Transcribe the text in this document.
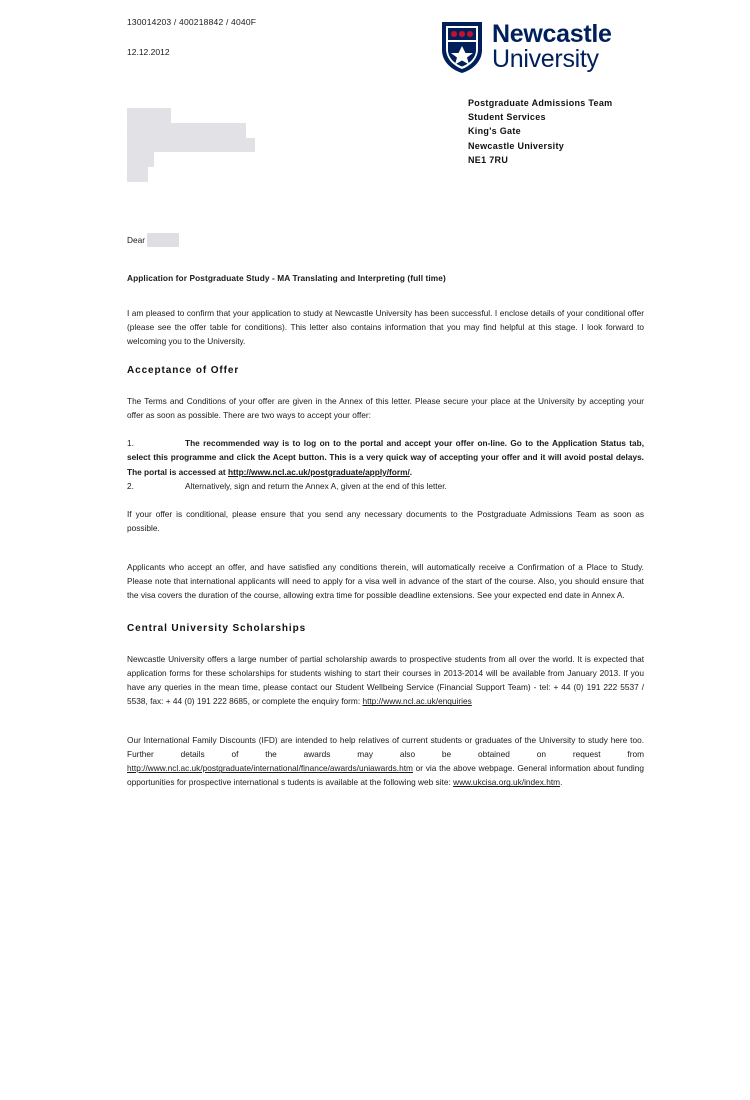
130014203 / 400218842 / 4040F
12.12.2012
Newcastle
University
Postgraduate Admissions Team
Student Services
King's Gate
Newcastle University
NE1 7RU

Dear

Application for Postgraduate Study - MA Translating and Interpreting (full time)

I am pleased to confirm that your application to study at Newcastle University has been successful. I enclose details of your conditional offer (please see the offer table for conditions). This letter also contains information that you may find helpful at this stage. I look forward to welcoming you to the University.

Acceptance of Offer

The Terms and Conditions of your offer are given in the Annex of this letter. Please secure your place at the University by accepting your offer as soon as possible. There are two ways to accept your offer:

1.	The recommended way is to log on to the portal and accept your offer on-line. Go to the Application Status tab, select this programme and click the Acept button. This is a very quick way of accepting your offer and it will avoid postal delays. The portal is accessed at http://www.ncl.ac.uk/postgraduate/apply/form/.

2.	Alternatively, sign and return the Annex A, given at the end of this letter.

If your offer is conditional, please ensure that you send any necessary documents to the Postgraduate Admissions Team as soon as possible.

Applicants who accept an offer, and have satisfied any conditions therein, will automatically receive a Confirmation of a Place to Study. Please note that international applicants will need to apply for a visa well in advance of the start of the course. Also, you should ensure that the visa covers the duration of the course, allowing extra time for possible deadline extensions. See your expected end date in Annex A.

Central University Scholarships

Newcastle University offers a large number of partial scholarship awards to prospective students from all over the world. It is expected that application forms for these scholarships for students wishing to start their courses in 2013-2014 will be available from January 2013. If you have any queries in the mean time, please contact our Student Wellbeing Service (Financial Support Team) - tel: + 44 (0) 191 222 5537 / 5538, fax: + 44 (0) 191 222 8685, or complete the enquiry form: http://www.ncl.ac.uk/enquiries

Our International Family Discounts (IFD) are intended to help relatives of current students or graduates of the University to study here too. Further details of the awards may also be obtained on request from http://www.ncl.ac.uk/postgraduate/international/finance/awards/uniawards.htm or via the above webpage. General information about funding opportunities for prospective international s tudents is available at the following web site: www.ukcisa.org.uk/index.htm.
